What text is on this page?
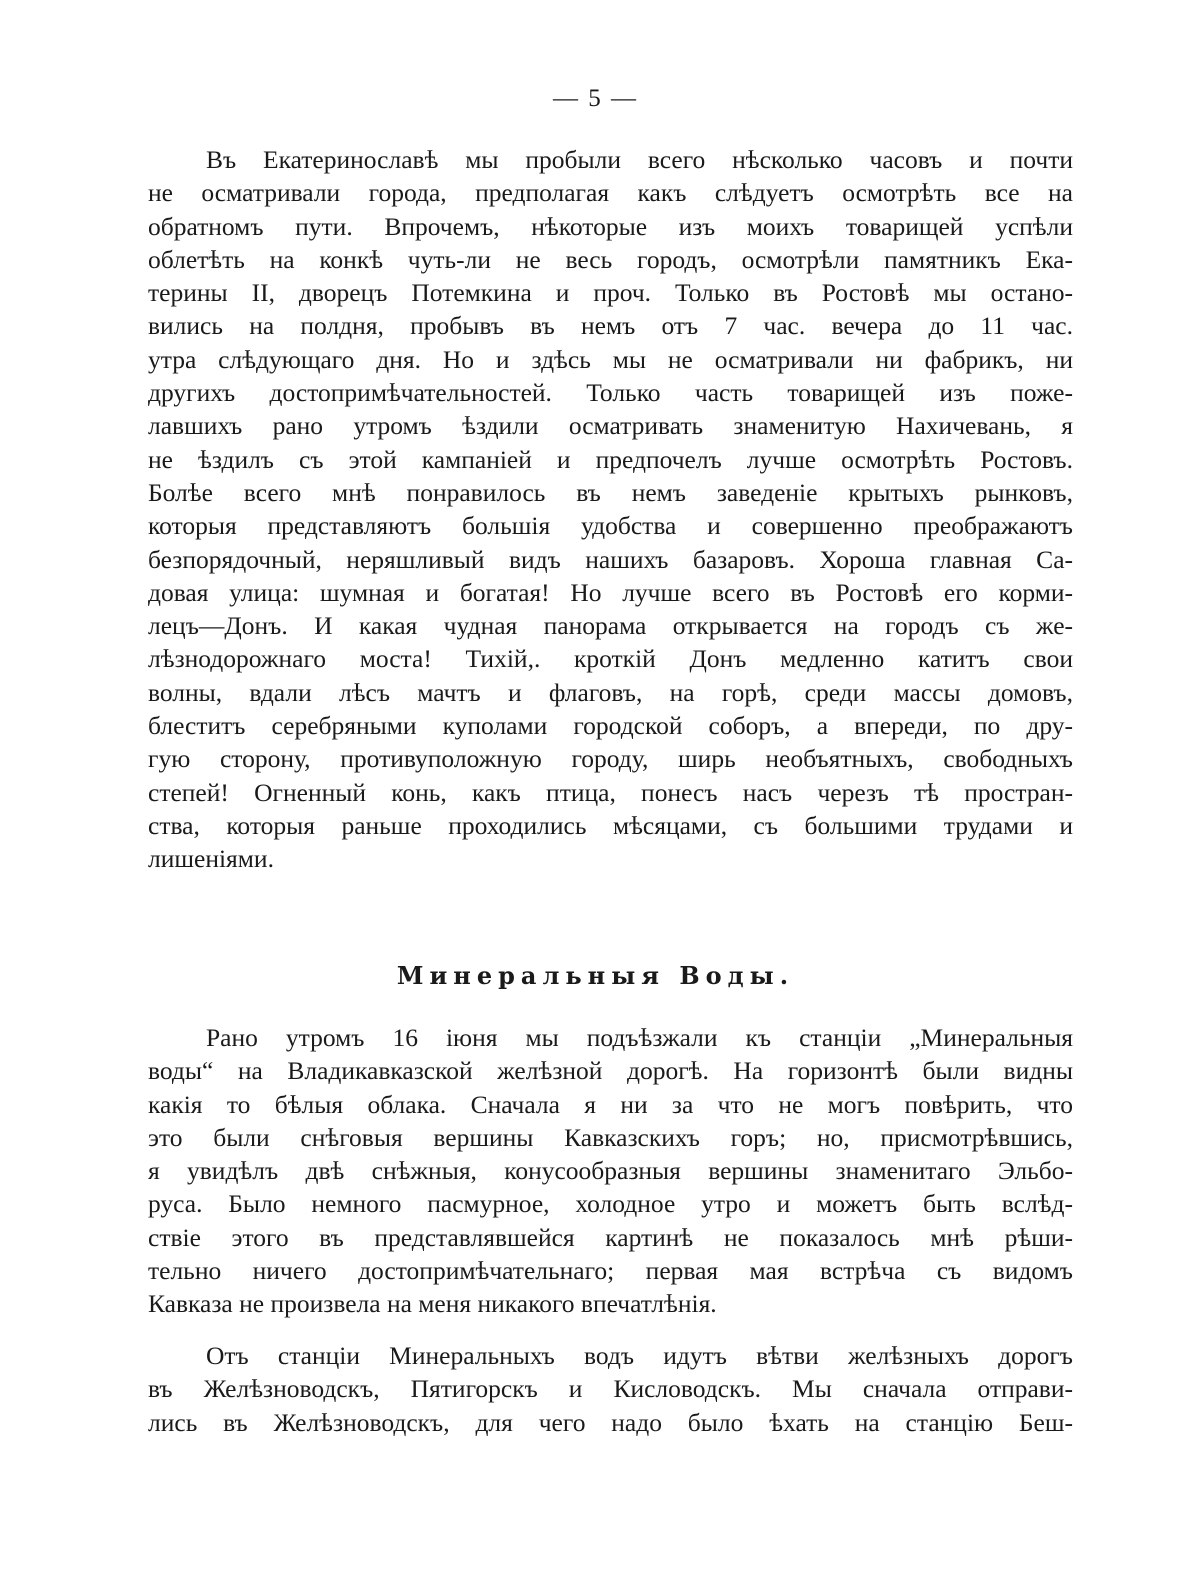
— 5 —
Въ Екатеринославѣ мы пробыли всего нѣсколько часовъ и почти
не осматривали города, предполагая какъ слѣдуетъ осмотрѣть все на
обратномъ пути. Впрочемъ, нѣкоторые изъ моихъ товарищей успѣли
облетѣть на конкѣ чуть-ли не весь городъ, осмотрѣли памятникъ Ека-
терины II, дворецъ Потемкина и проч. Только въ Ростовѣ мы остано-
вились на полдня, пробывъ въ немъ отъ 7 час. вечера до 11 час.
утра слѣдующаго дня. Но и здѣсь мы не осматривали ни фабрикъ, ни
другихъ достопримѣчательностей. Только часть товарищей изъ поже-
лавшихъ рано утромъ ѣздили осматривать знаменитую Нахичевань, я
не ѣздилъ съ этой кампаніей и предпочелъ лучше осмотрѣть Ростовъ.
Болѣе всего мнѣ понравилось въ немъ заведеніе крытыхъ рынковъ,
которыя представляютъ большія удобства и совершенно преображаютъ
безпорядочный, неряшливый видъ нашихъ базаровъ. Хороша главная Са-
довая улица: шумная и богатая! Но лучше всего въ Ростовѣ его корми-
лецъ—Донъ. И какая чудная панорама открывается на городъ съ же-
лѣзнодорожнаго моста! Тихій,. кроткій Донъ медленно катитъ свои
волны, вдали лѣсъ мачтъ и флаговъ, на горѣ, среди массы домовъ,
блеститъ серебряными куполами городской соборъ, а впереди, по дру-
гую сторону, противуположную городу, ширь необъятныхъ, свободныхъ
степей! Огненный конь, какъ птица, понесъ насъ черезъ тѣ простран-
ства, которыя раньше проходились мѣсяцами, съ большими трудами и
лишеніями.
Минеральныя Воды.
Рано утромъ 16 іюня мы подъѣзжали къ станціи „Минеральныя
воды“ на Владикавказской желѣзной дорогѣ. На горизонтѣ были видны
какія то бѣлыя облака. Сначала я ни за что не могъ повѣрить, что
это были снѣговыя вершины Кавказскихъ горъ; но, присмотрѣвшись,
я увидѣлъ двѣ снѣжныя, конусообразныя вершины знаменитаго Эльбо-
руса. Было немного пасмурное, холодное утро и можетъ быть вслѣд-
ствіе этого въ представлявшейся картинѣ не показалось мнѣ рѣши-
тельно ничего достопримѣчательнаго; первая мая встрѣча съ видомъ
Кавказа не произвела на меня никакого впечатлѣнія.
Отъ станціи Минеральныхъ водъ идутъ вѣтви желѣзныхъ дорогъ
въ Желѣзноводскъ, Пятигорскъ и Кисловодскъ. Мы сначала отправи-
лись въ Желѣзноводскъ, для чего надо было ѣхать на станцію Беш-
